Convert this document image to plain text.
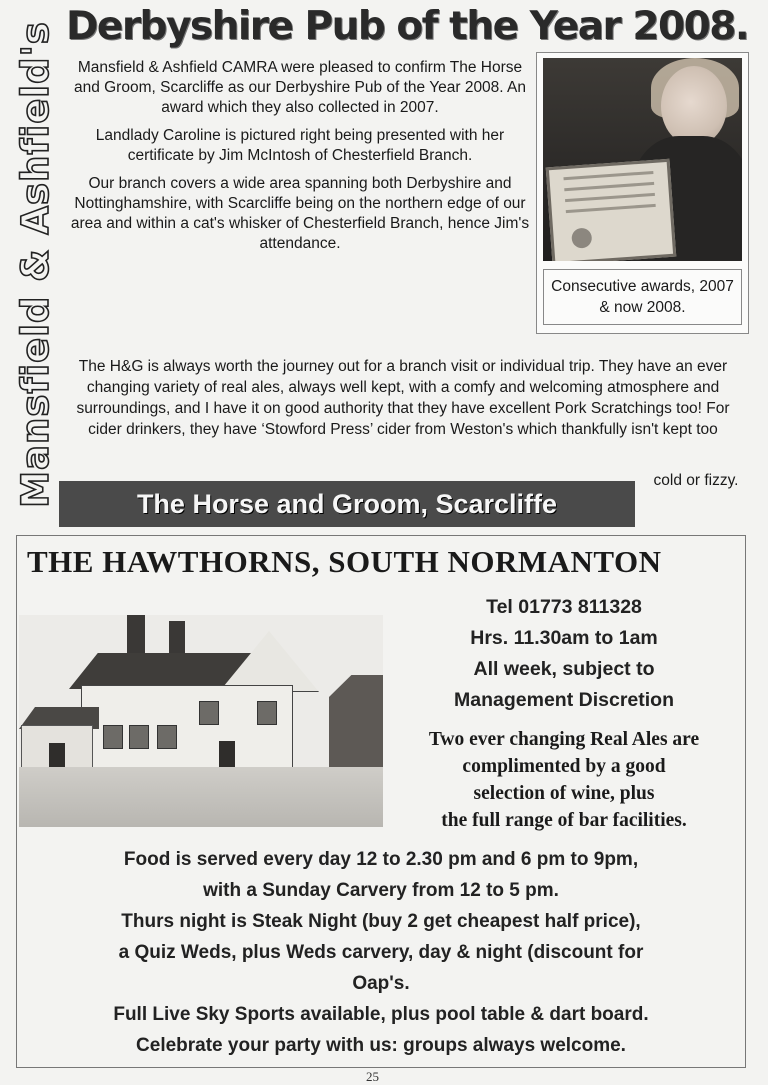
Mansfield & Ashfield's Derbyshire Pub of the Year 2008.

Mansfield & Ashfield CAMRA were pleased to confirm The Horse and Groom, Scarcliffe as our Derbyshire Pub of the Year 2008. An award which they also collected in 2007.

Landlady Caroline is pictured right being presented with her certificate by Jim McIntosh of Chesterfield Branch.

Our branch covers a wide area spanning both Derbyshire and Nottinghamshire, with Scarcliffe being on the northern edge of our area and within a cat's whisker of Chesterfield Branch, hence Jim's attendance.

Consecutive awards, 2007 & now 2008.
The H&G is always worth the journey out for a branch visit or individual trip. They have an ever changing variety of real ales, always well kept, with a comfy and welcoming atmosphere and surroundings, and I have it on good authority that they have excellent Pork Scratchings too! For cider drinkers, they have ‘Stowford Press’ cider from Weston's which thankfully isn't kept too
cold or fizzy.
The Horse and Groom, Scarcliffe
THE HAWTHORNS, SOUTH NORMANTON
Tel 01773 811328
Hrs. 11.30am to 1am
All week, subject to
Management Discretion
Two ever changing Real Ales are
complimented by a good
selection of wine, plus
the full range of bar facilities.
Food is served every day 12 to 2.30 pm and 6 pm to 9pm,
with a Sunday Carvery from 12 to 5 pm.
Thurs night is Steak Night (buy 2 get cheapest half price),
a Quiz Weds, plus Weds carvery, day & night (discount for
Oap's.
Full Live Sky Sports available, plus pool table & dart board.
Celebrate your party with us: groups always welcome.
25
